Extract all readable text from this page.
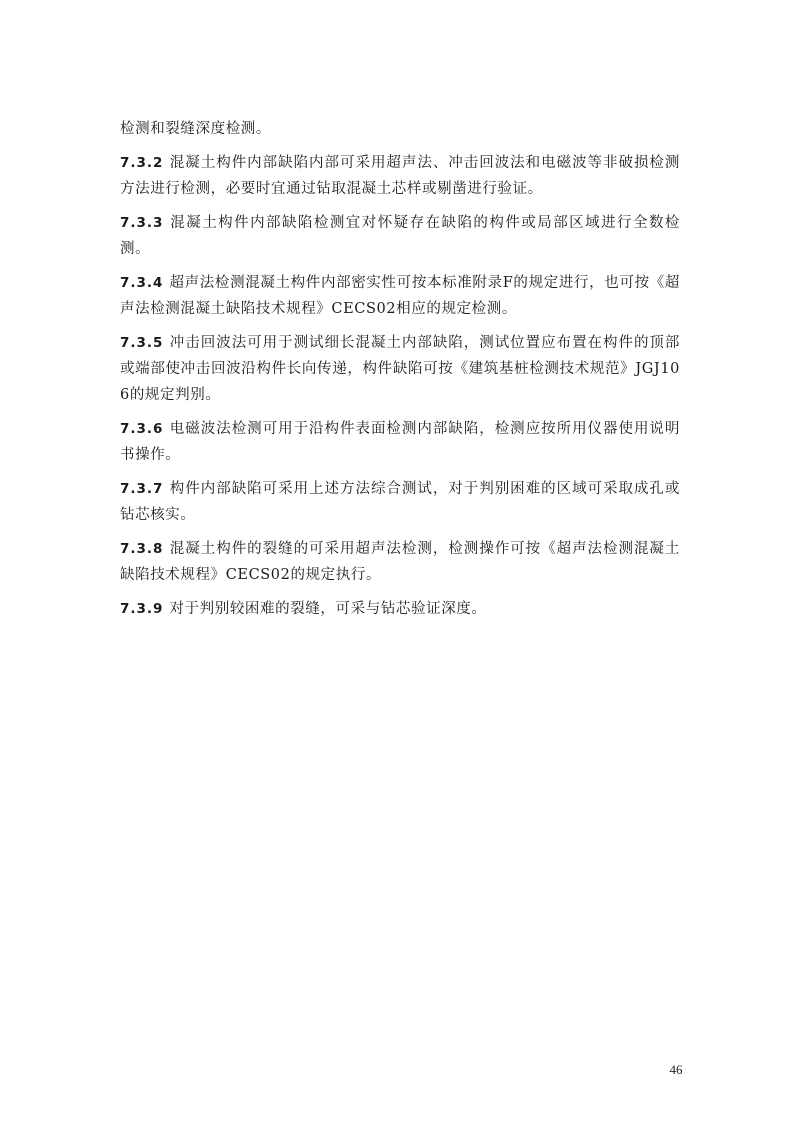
检测和裂缝深度检测。

7.3.2 混凝土构件内部缺陷内部可采用超声法、冲击回波法和电磁波等非破损检测方法进行检测，必要时宜通过钻取混凝土芯样或剔凿进行验证。

7.3.3 混凝土构件内部缺陷检测宜对怀疑存在缺陷的构件或局部区域进行全数检测。

7.3.4 超声法检测混凝土构件内部密实性可按本标准附录F的规定进行，也可按《超声法检测混凝土缺陷技术规程》CECS02相应的规定检测。

7.3.5 冲击回波法可用于测试细长混凝土内部缺陷，测试位置应布置在构件的顶部或端部使冲击回波沿构件长向传递，构件缺陷可按《建筑基桩检测技术规范》JGJ106的规定判别。

7.3.6 电磁波法检测可用于沿构件表面检测内部缺陷，检测应按所用仪器使用说明书操作。

7.3.7 构件内部缺陷可采用上述方法综合测试，对于判别困难的区域可采取成孔或钻芯核实。

7.3.8 混凝土构件的裂缝的可采用超声法检测，检测操作可按《超声法检测混凝土缺陷技术规程》CECS02的规定执行。

7.3.9 对于判别较困难的裂缝，可采与钻芯验证深度。

46
